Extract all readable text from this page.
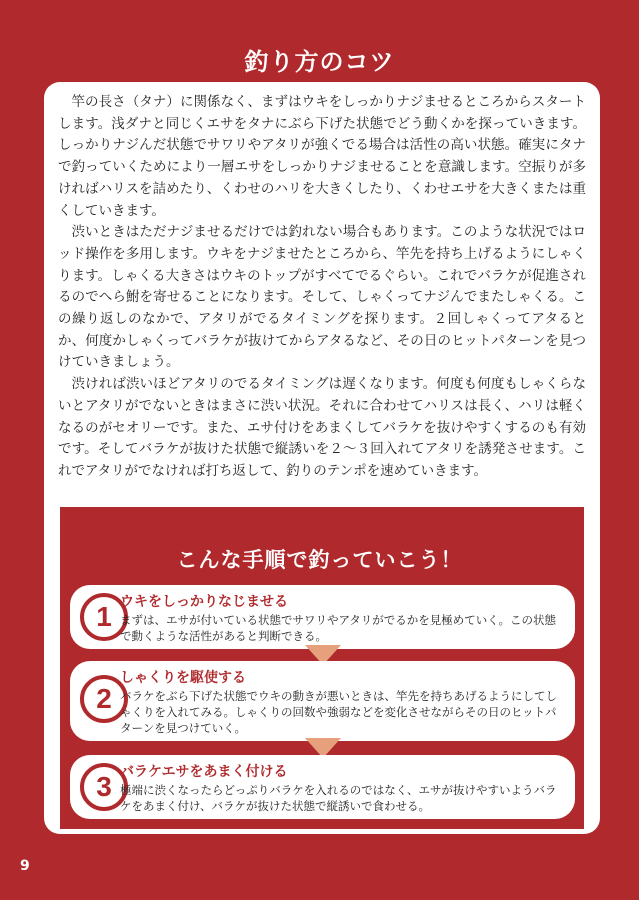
釣り方のコツ

竿の長さ（タナ）に関係なく、まずはウキをしっかりナジませるところからスタートします。浅ダナと同じくエサをタナにぶら下げた状態でどう動くかを探っていきます。しっかりナジんだ状態でサワリやアタリが強くでる場合は活性の高い状態。確実にタナで釣っていくためにより一層エサをしっかりナジませることを意識します。空振りが多ければハリスを詰めたり、くわせのハリを大きくしたり、くわせエサを大きくまたは重くしていきます。

渋いときはただナジませるだけでは釣れない場合もあります。このような状況ではロッド操作を多用します。ウキをナジませたところから、竿先を持ち上げるようにしゃくります。しゃくる大きさはウキのトップがすべてでるぐらい。これでバラケが促進されるのでへら鮒を寄せることになります。そして、しゃくってナジんでまたしゃくる。この繰り返しのなかで、アタリがでるタイミングを探ります。２回しゃくってアタるとか、何度かしゃくってバラケが抜けてからアタるなど、その日のヒットパターンを見つけていきましょう。

渋ければ渋いほどアタリのでるタイミングは遅くなります。何度も何度もしゃくらないとアタリがでないときはまさに渋い状況。それに合わせてハリスは長く、ハリは軽くなるのがセオリーです。また、エサ付けをあまくしてバラケを抜けやすくするのも有効です。そしてバラケが抜けた状態で縦誘いを２〜３回入れてアタリを誘発させます。これでアタリがでなければ打ち返して、釣りのテンポを速めていきます。

こんな手順で釣っていこう！
1 ウキをしっかりなじませる
まずは、エサが付いている状態でサワリやアタリがでるかを見極めていく。この状態で動くような活性があると判断できる。
2
しゃくりを駆使する
バラケをぶら下げた状態でウキの動きが悪いときは、竿先を持ちあげるようにしてしゃくりを入れてみる。しゃくりの回数や強弱などを変化させながらその日のヒットパターンを見つけていく。
3 バラケエサをあまく付ける
極端に渋くなったらどっぷりバラケを入れるのではなく、エサが抜けやすいようバラケをあまく付け、バラケが抜けた状態で縦誘いで食わせる。
9
